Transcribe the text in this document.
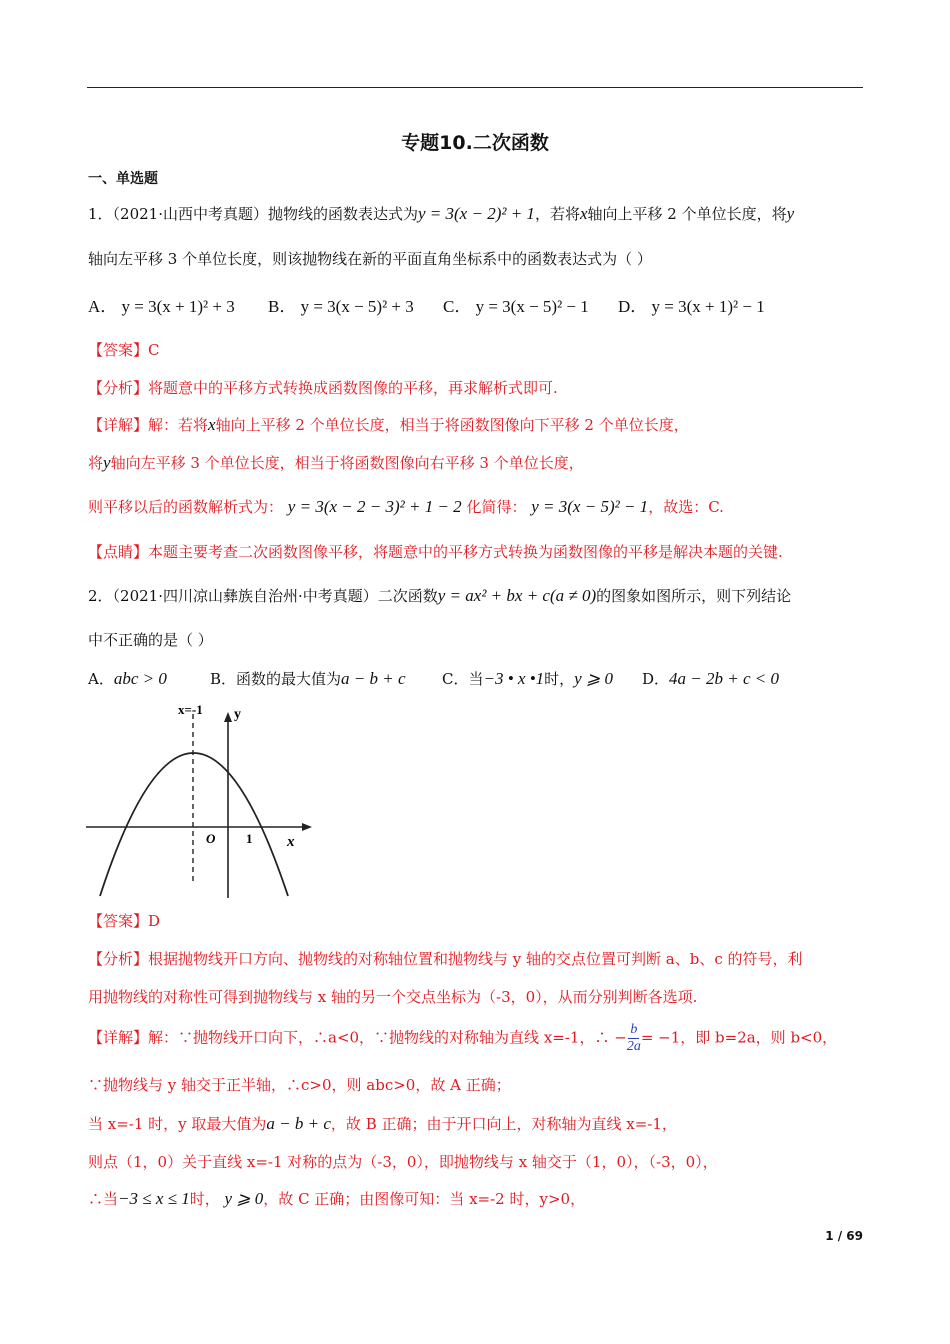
专题10.二次函数
一、单选题
1．（2021·山西中考真题）抛物线的函数表达式为y = 3(x − 2)² + 1，若将x轴向上平移 2 个单位长度，将y
轴向左平移 3 个单位长度，则该抛物线在新的平面直角坐标系中的函数表达式为（ ）
A． y = 3(x + 1)² + 3 B． y = 3(x − 5)² + 3 C． y = 3(x − 5)² − 1 D． y = 3(x + 1)² − 1
【答案】C
【分析】将题意中的平移方式转换成函数图像的平移，再求解析式即可.
【详解】解：若将x轴向上平移 2 个单位长度，相当于将函数图像向下平移 2 个单位长度，
将y轴向左平移 3 个单位长度，相当于将函数图像向右平移 3 个单位长度，
则平移以后的函数解析式为： y = 3(x − 2 − 3)² + 1 − 2 化简得： y = 3(x − 5)² − 1，故选：C.
【点睛】本题主要考查二次函数图像平移，将题意中的平移方式转换为函数图像的平移是解决本题的关键.
2．（2021·四川凉山彝族自治州·中考真题）二次函数y = ax² + bx + c(a ≠ 0)的图象如图所示，则下列结论
中不正确的是（ ）
A．abc > 0	B．函数的最大值为a − b + c C．当−3 • x •1时，y ⩾ 0 D．4a − 2b + c < 0
x=-1 y
x
O 1
【答案】D
【分析】根据抛物线开口方向、抛物线的对称轴位置和抛物线与 y 轴的交点位置可判断 a、b、c 的符号，利
用抛物线的对称性可得到抛物线与 x 轴的另一个交点坐标为（-3，0），从而分别判断各选项.
【详解】解：∵抛物线开口向下，∴a<0，∵抛物线的对称轴为直线 x=-1，∴ − $\frac{b}{2a} = -1$，即 b=2a，则 b<0，
∵抛物线与 y 轴交于正半轴，∴c>0，则 abc>0，故 A 正确；
当 x=-1 时，y 取最大值为a − b + c，故 B 正确；由于开口向上，对称轴为直线 x=-1，
则点（1，0）关于直线 x=-1 对称的点为（-3，0），即抛物线与 x 轴交于（1，0），（-3，0），
∴当−3 ≤ x ≤ 1时， y ⩾ 0，故 C 正确；由图像可知：当 x=-2 时，y>0，
1 / 69
